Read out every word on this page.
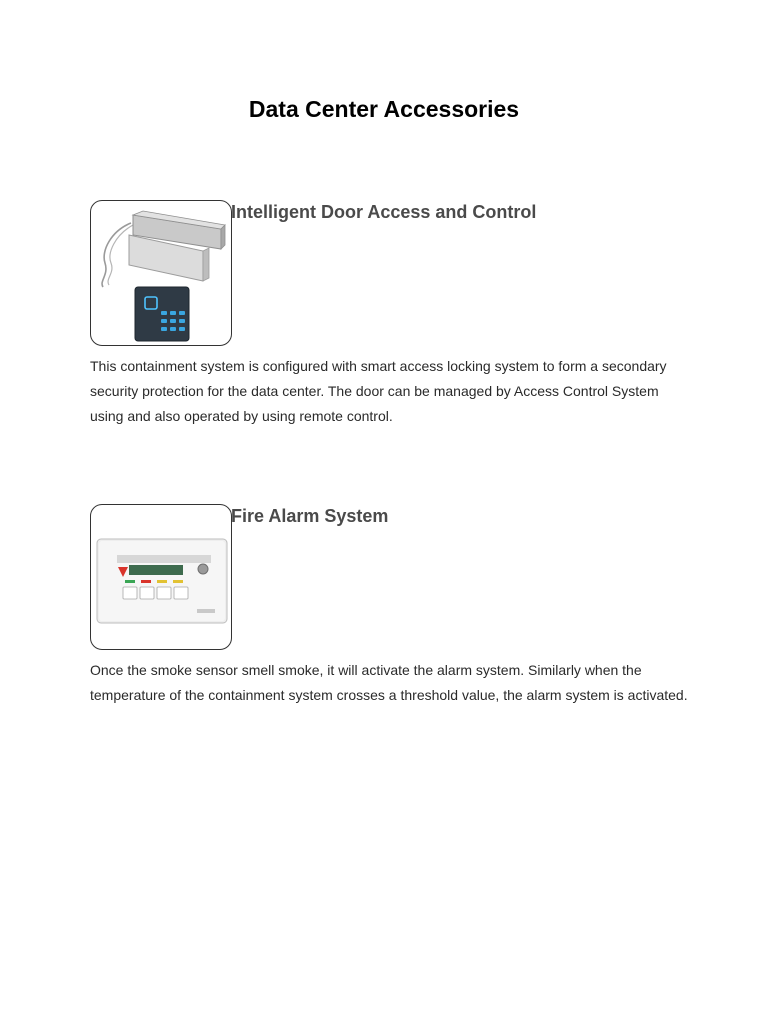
Data Center Accessories
Intelligent Door Access and Control

This containment system is configured with smart access locking system to form a secondary security protection for the data center. The door can be managed by Access Control System using and also operated by using remote control.

Fire Alarm System

Once the smoke sensor smell smoke, it will activate the alarm system. Similarly when the temperature of the containment system crosses a threshold value, the alarm system is activated.
